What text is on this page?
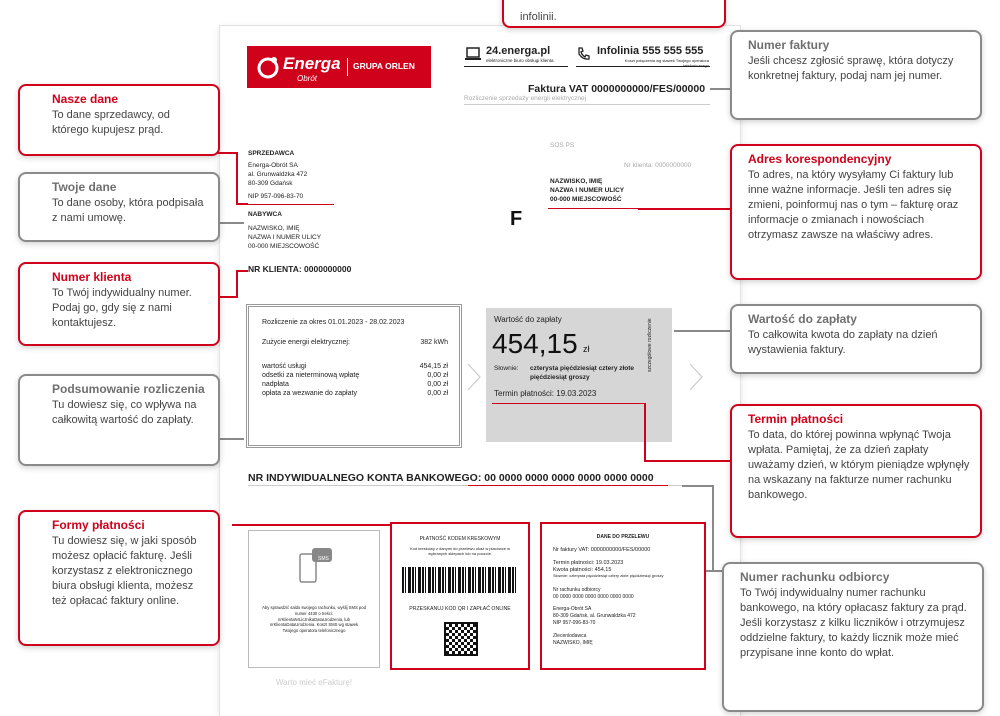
Energa
Obrót
GRUPA ORLEN
24.energa.pl
elektroniczne biuro obsługi klienta
Infolinia 555 555 555
Koszt połączenia wg stawek Twojego operatora
Faktura VAT 0000000000/FES/00000
Rozliczenie sprzedaży energii elektrycznej
SPRZEDAWCA
Energa-Obrót SA
al. Grunwaldzka 472
80-309 Gdańsk
NIP 957-096-83-70
NABYWCA
NAZWISKO, IMIĘ
NAZWA I NUMER ULICY
00-000 MIEJSCOWOŚĆ
NR KLIENTA: 0000000000
SOS PS
Nr klienta: 0000000000
NAZWISKO, IMIĘ
NAZWA I NUMER ULICY
00-000 MIEJSCOWOŚĆ
F
Rozliczenie za okres 01.01.2023 - 28.02.2023
Zużycie energii elektrycznej:	382 kWh
wartość usługi	454,15 zł
odsetki za nieterminową wpłatę	0,00 zł
nadpłata	0,00 zł
opłata za wezwanie do zapłaty	0,00 zł
Wartość do zapłaty
454,15 zł
Słownie: czterysta pięćdziesiąt cztery złote pięćdziesiąt groszy
Termin płatności: 19.03.2023
szczegółowe rozliczenie
NR INDYWIDUALNEGO KONTA BANKOWEGO: 00 0000 0000 0000 0000 0000 0000
SMS
Aby sprawdzić saldo swojego rachunku, wyślij SMS pod numer 4430 o treści: nrKlientaNrLicznikaDataUrodzenia, lub nrKlientaDataUrodzenia. Koszt SMS wg stawek Twojego operatora telefonicznego
PŁATNOŚĆ KODEM KRESKOWYM
Kod kreskowy z danymi do przelewu okaż w placówce w wybranych sklepach lub na poczcie.
PRZESKANUJ KOD QR I ZAPŁAĆ ONLINE
DANE DO PRZELEWU
Nr faktury VAT: 0000000000/FES/00000
Termin płatności: 19.03.2023
Kwota płatności: 454,15
Słownie: czterysta pięćdziesiąt cztery złote pięćdziesiąt groszy
Nr rachunku odbiorcy
00 0000 0000 0000 0000 0000 0000
Energa-Obrót SA
80-309 Gdańsk, al. Grunwaldzka 472
NIP 957-096-83-70
Zleceniodawca
NAZWISKO, IMIĘ
Warto mieć eFakturę!

infolinii.

Nasze dane

To dane sprzedawcy, od którego kupujesz prąd.

Twoje dane

To dane osoby, która podpisała z nami umowę.

Numer klienta

To Twój indywidualny numer. Podaj go, gdy się z nami kontaktujesz.

Podsumowanie rozliczenia

Tu dowiesz się, co wpływa na całkowitą wartość do zapłaty.

Formy płatności

Tu dowiesz się, w jaki sposób możesz opłacić fakturę. Jeśli korzystasz z elektronicznego biura obsługi klienta, możesz też opłacać faktury online.

Numer faktury

Jeśli chcesz zgłosić sprawę, która dotyczy konkretnej faktury, podaj nam jej numer.

Adres korespondencyjny

To adres, na który wysyłamy Ci faktury lub inne ważne informacje. Jeśli ten adres się zmieni, poinformuj nas o tym – fakturę oraz informacje o zmianach i nowościach otrzymasz zawsze na właściwy adres.

Wartość do zapłaty

To całkowita kwota do zapłaty na dzień wystawienia faktury.

Termin płatności

To data, do której powinna wpłynąć Twoja wpłata. Pamiętaj, że za dzień zapłaty uważamy dzień, w którym pieniądze wpłynęły na wskazany na fakturze numer rachunku bankowego.

Numer rachunku odbiorcy

To Twój indywidualny numer rachunku bankowego, na który opłacasz faktury za prąd. Jeśli korzystasz z kilku liczników i otrzymujesz oddzielne faktury, to każdy licznik może mieć przypisane inne konto do wpłat.
